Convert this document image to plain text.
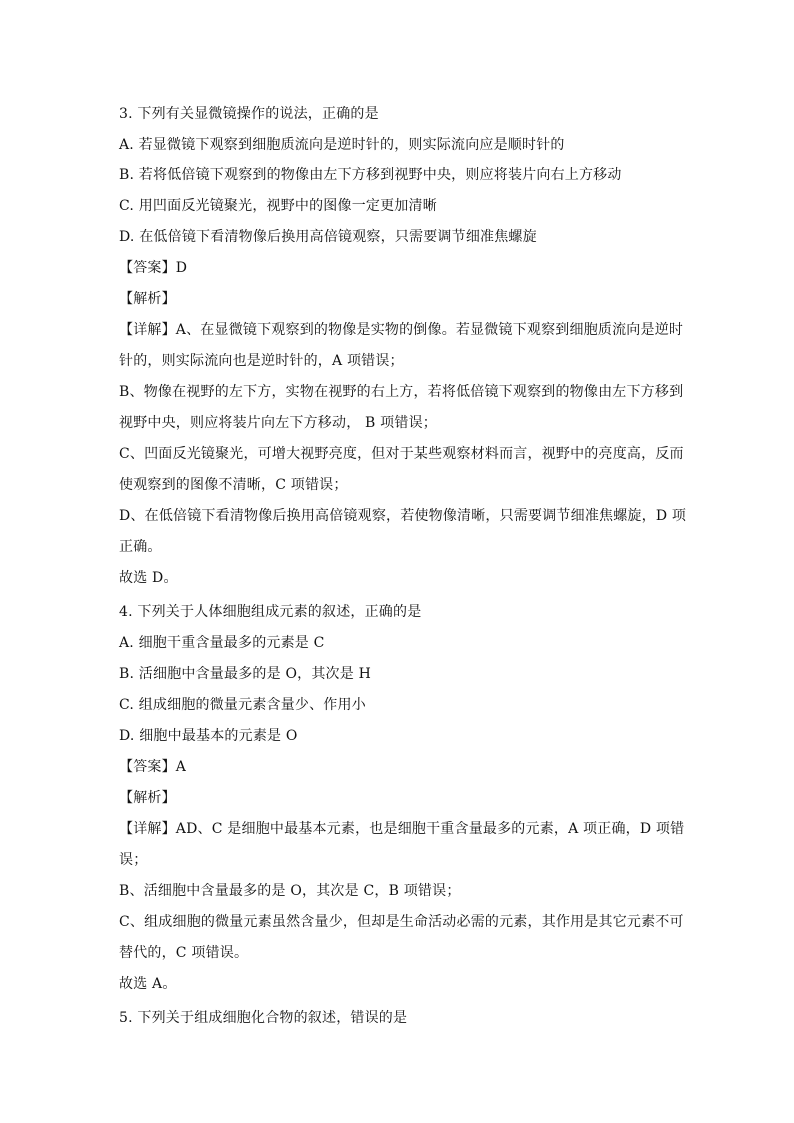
3. 下列有关显微镜操作的说法，正确的是
A. 若显微镜下观察到细胞质流向是逆时针的，则实际流向应是顺时针的
B. 若将低倍镜下观察到的物像由左下方移到视野中央，则应将装片向右上方移动
C. 用凹面反光镜聚光，视野中的图像一定更加清晰
D. 在低倍镜下看清物像后换用高倍镜观察，只需要调节细准焦螺旋
【答案】D
【解析】
【详解】A、在显微镜下观察到的物像是实物的倒像。若显微镜下观察到细胞质流向是逆时
针的，则实际流向也是逆时针的，A 项错误；
B、物像在视野的左下方，实物在视野的右上方，若将低倍镜下观察到的物像由左下方移到
视野中央，则应将装片向左下方移动， B 项错误；
C、凹面反光镜聚光，可增大视野亮度，但对于某些观察材料而言，视野中的亮度高，反而
使观察到的图像不清晰，C 项错误；
D、在低倍镜下看清物像后换用高倍镜观察，若使物像清晰，只需要调节细准焦螺旋，D 项
正确。
故选 D。
4. 下列关于人体细胞组成元素的叙述，正确的是
A. 细胞干重含量最多的元素是 C
B. 活细胞中含量最多的是 O，其次是 H
C. 组成细胞的微量元素含量少、作用小
D. 细胞中最基本的元素是 O
【答案】A
【解析】
【详解】AD、C 是细胞中最基本元素，也是细胞干重含量最多的元素，A 项正确，D 项错
误；
B、活细胞中含量最多的是 O，其次是 C，B 项错误；
C、组成细胞的微量元素虽然含量少，但却是生命活动必需的元素，其作用是其它元素不可
替代的，C 项错误。
故选 A。
5. 下列关于组成细胞化合物的叙述，错误的是
